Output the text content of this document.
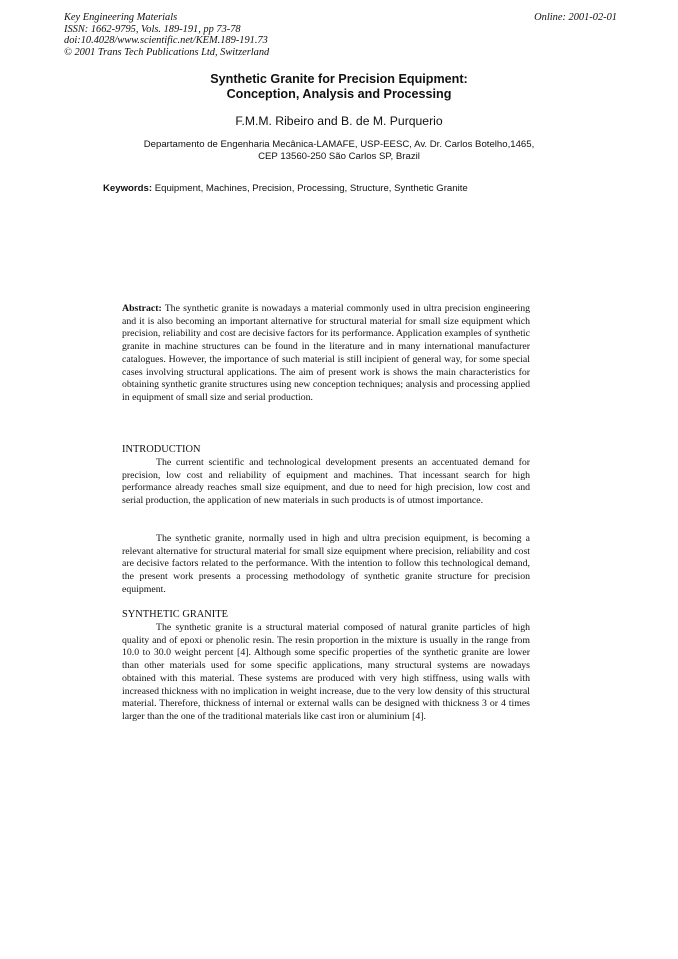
Key Engineering Materials
ISSN: 1662-9795, Vols. 189-191, pp 73-78
doi:10.4028/www.scientific.net/KEM.189-191.73
© 2001 Trans Tech Publications Ltd, Switzerland
Online: 2001-02-01
Synthetic Granite for Precision Equipment:
Conception, Analysis and Processing
F.M.M. Ribeiro and B. de M. Purquerio
Departamento de Engenharia Mecânica-LAMAFE, USP-EESC, Av. Dr. Carlos Botelho,1465,
CEP 13560-250 São Carlos SP, Brazil
Keywords: Equipment, Machines, Precision, Processing, Structure, Synthetic Granite

Abstract: The synthetic granite is nowadays a material commonly used in ultra precision engineering and it is also becoming an important alternative for structural material for small size equipment which precision, reliability and cost are decisive factors for its performance. Application examples of synthetic granite in machine structures can be found in the literature and in many international manufacturer catalogues. However, the importance of such material is still incipient of general way, for some special cases involving structural applications. The aim of present work is shows the main characteristics for obtaining synthetic granite structures using new conception techniques; analysis and processing applied in equipment of small size and serial production.

INTRODUCTION

The current scientific and technological development presents an accentuated demand for precision, low cost and reliability of equipment and machines. That incessant search for high performance already reaches small size equipment, and due to need for high precision, low cost and serial production, the application of new materials in such products is of utmost importance.

The synthetic granite, normally used in high and ultra precision equipment, is becoming a relevant alternative for structural material for small size equipment where precision, reliability and cost are decisive factors related to the performance. With the intention to follow this technological demand, the present work presents a processing methodology of synthetic granite structure for precision equipment.

SYNTHETIC GRANITE

The synthetic granite is a structural material composed of natural granite particles of high quality and of epoxi or phenolic resin. The resin proportion in the mixture is usually in the range from 10.0 to 30.0 weight percent [4]. Although some specific properties of the synthetic granite are lower than other materials used for some specific applications, many structural systems are nowadays obtained with this material. These systems are produced with very high stiffness, using walls with increased thickness with no implication in weight increase, due to the very low density of this structural material. Therefore, thickness of internal or external walls can be designed with thickness 3 or 4 times larger than the one of the traditional materials like cast iron or aluminium [4].
